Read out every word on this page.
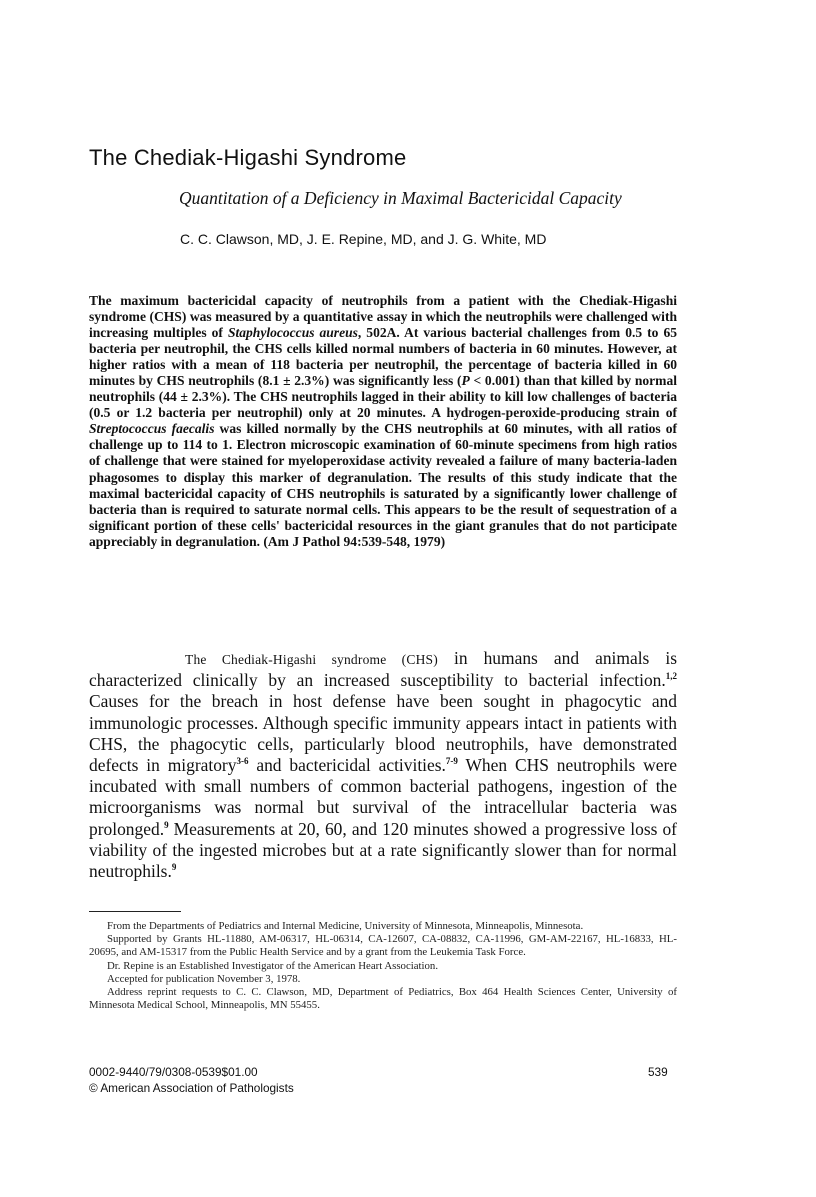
The Chediak-Higashi Syndrome

Quantitation of a Deficiency in Maximal Bactericidal Capacity

C. C. Clawson, MD, J. E. Repine, MD, and J. G. White, MD

The maximum bactericidal capacity of neutrophils from a patient with the Chediak-Higashi syndrome (CHS) was measured by a quantitative assay in which the neutrophils were challenged with increasing multiples of Staphylococcus aureus, 502A. At various bacterial challenges from 0.5 to 65 bacteria per neutrophil, the CHS cells killed normal numbers of bacteria in 60 minutes. However, at higher ratios with a mean of 118 bacteria per neutrophil, the percentage of bacteria killed in 60 minutes by CHS neutrophils (8.1 ± 2.3%) was significantly less (P < 0.001) than that killed by normal neutrophils (44 ± 2.3%). The CHS neutrophils lagged in their ability to kill low challenges of bacteria (0.5 or 1.2 bacteria per neutrophil) only at 20 minutes. A hydrogen-peroxide-producing strain of Streptococcus faecalis was killed normally by the CHS neutrophils at 60 minutes, with all ratios of challenge up to 114 to 1. Electron microscopic examination of 60-minute specimens from high ratios of challenge that were stained for myeloperoxidase activity revealed a failure of many bacteria-laden phagosomes to display this marker of degranulation. The results of this study indicate that the maximal bactericidal capacity of CHS neutrophils is saturated by a significantly lower challenge of bacteria than is required to saturate normal cells. This appears to be the result of sequestration of a significant portion of these cells' bactericidal resources in the giant granules that do not participate appreciably in degranulation. (Am J Pathol 94:539-548, 1979)

The Chediak-Higashi syndrome (CHS) in humans and animals is characterized clinically by an increased susceptibility to bacterial infection.$^{1,2}$ Causes for the breach in host defense have been sought in phagocytic and immunologic processes. Although specific immunity appears intact in patients with CHS, the phagocytic cells, particularly blood neutrophils, have demonstrated defects in migratory$^{3-6}$ and bactericidal activities.$^{7-9}$ When CHS neutrophils were incubated with small numbers of common bacterial pathogens, ingestion of the microorganisms was normal but survival of the intracellular bacteria was prolonged.$^9$ Measurements at 20, 60, and 120 minutes showed a progressive loss of viability of the ingested microbes but at a rate significantly slower than for normal neutrophils.$^9$

From the Departments of Pediatrics and Internal Medicine, University of Minnesota, Minneapolis, Minnesota.

Supported by Grants HL-11880, AM-06317, HL-06314, CA-12607, CA-08832, CA-11996, GM-AM-22167, HL-16833, HL-20695, and AM-15317 from the Public Health Service and by a grant from the Leukemia Task Force.

Dr. Repine is an Established Investigator of the American Heart Association.

Accepted for publication November 3, 1978.

Address reprint requests to C. C. Clawson, MD, Department of Pediatrics, Box 464 Health Sciences Center, University of Minnesota Medical School, Minneapolis, MN 55455.

0002-9440/79/0308-0539$01.00
© American Association of Pathologists
539
